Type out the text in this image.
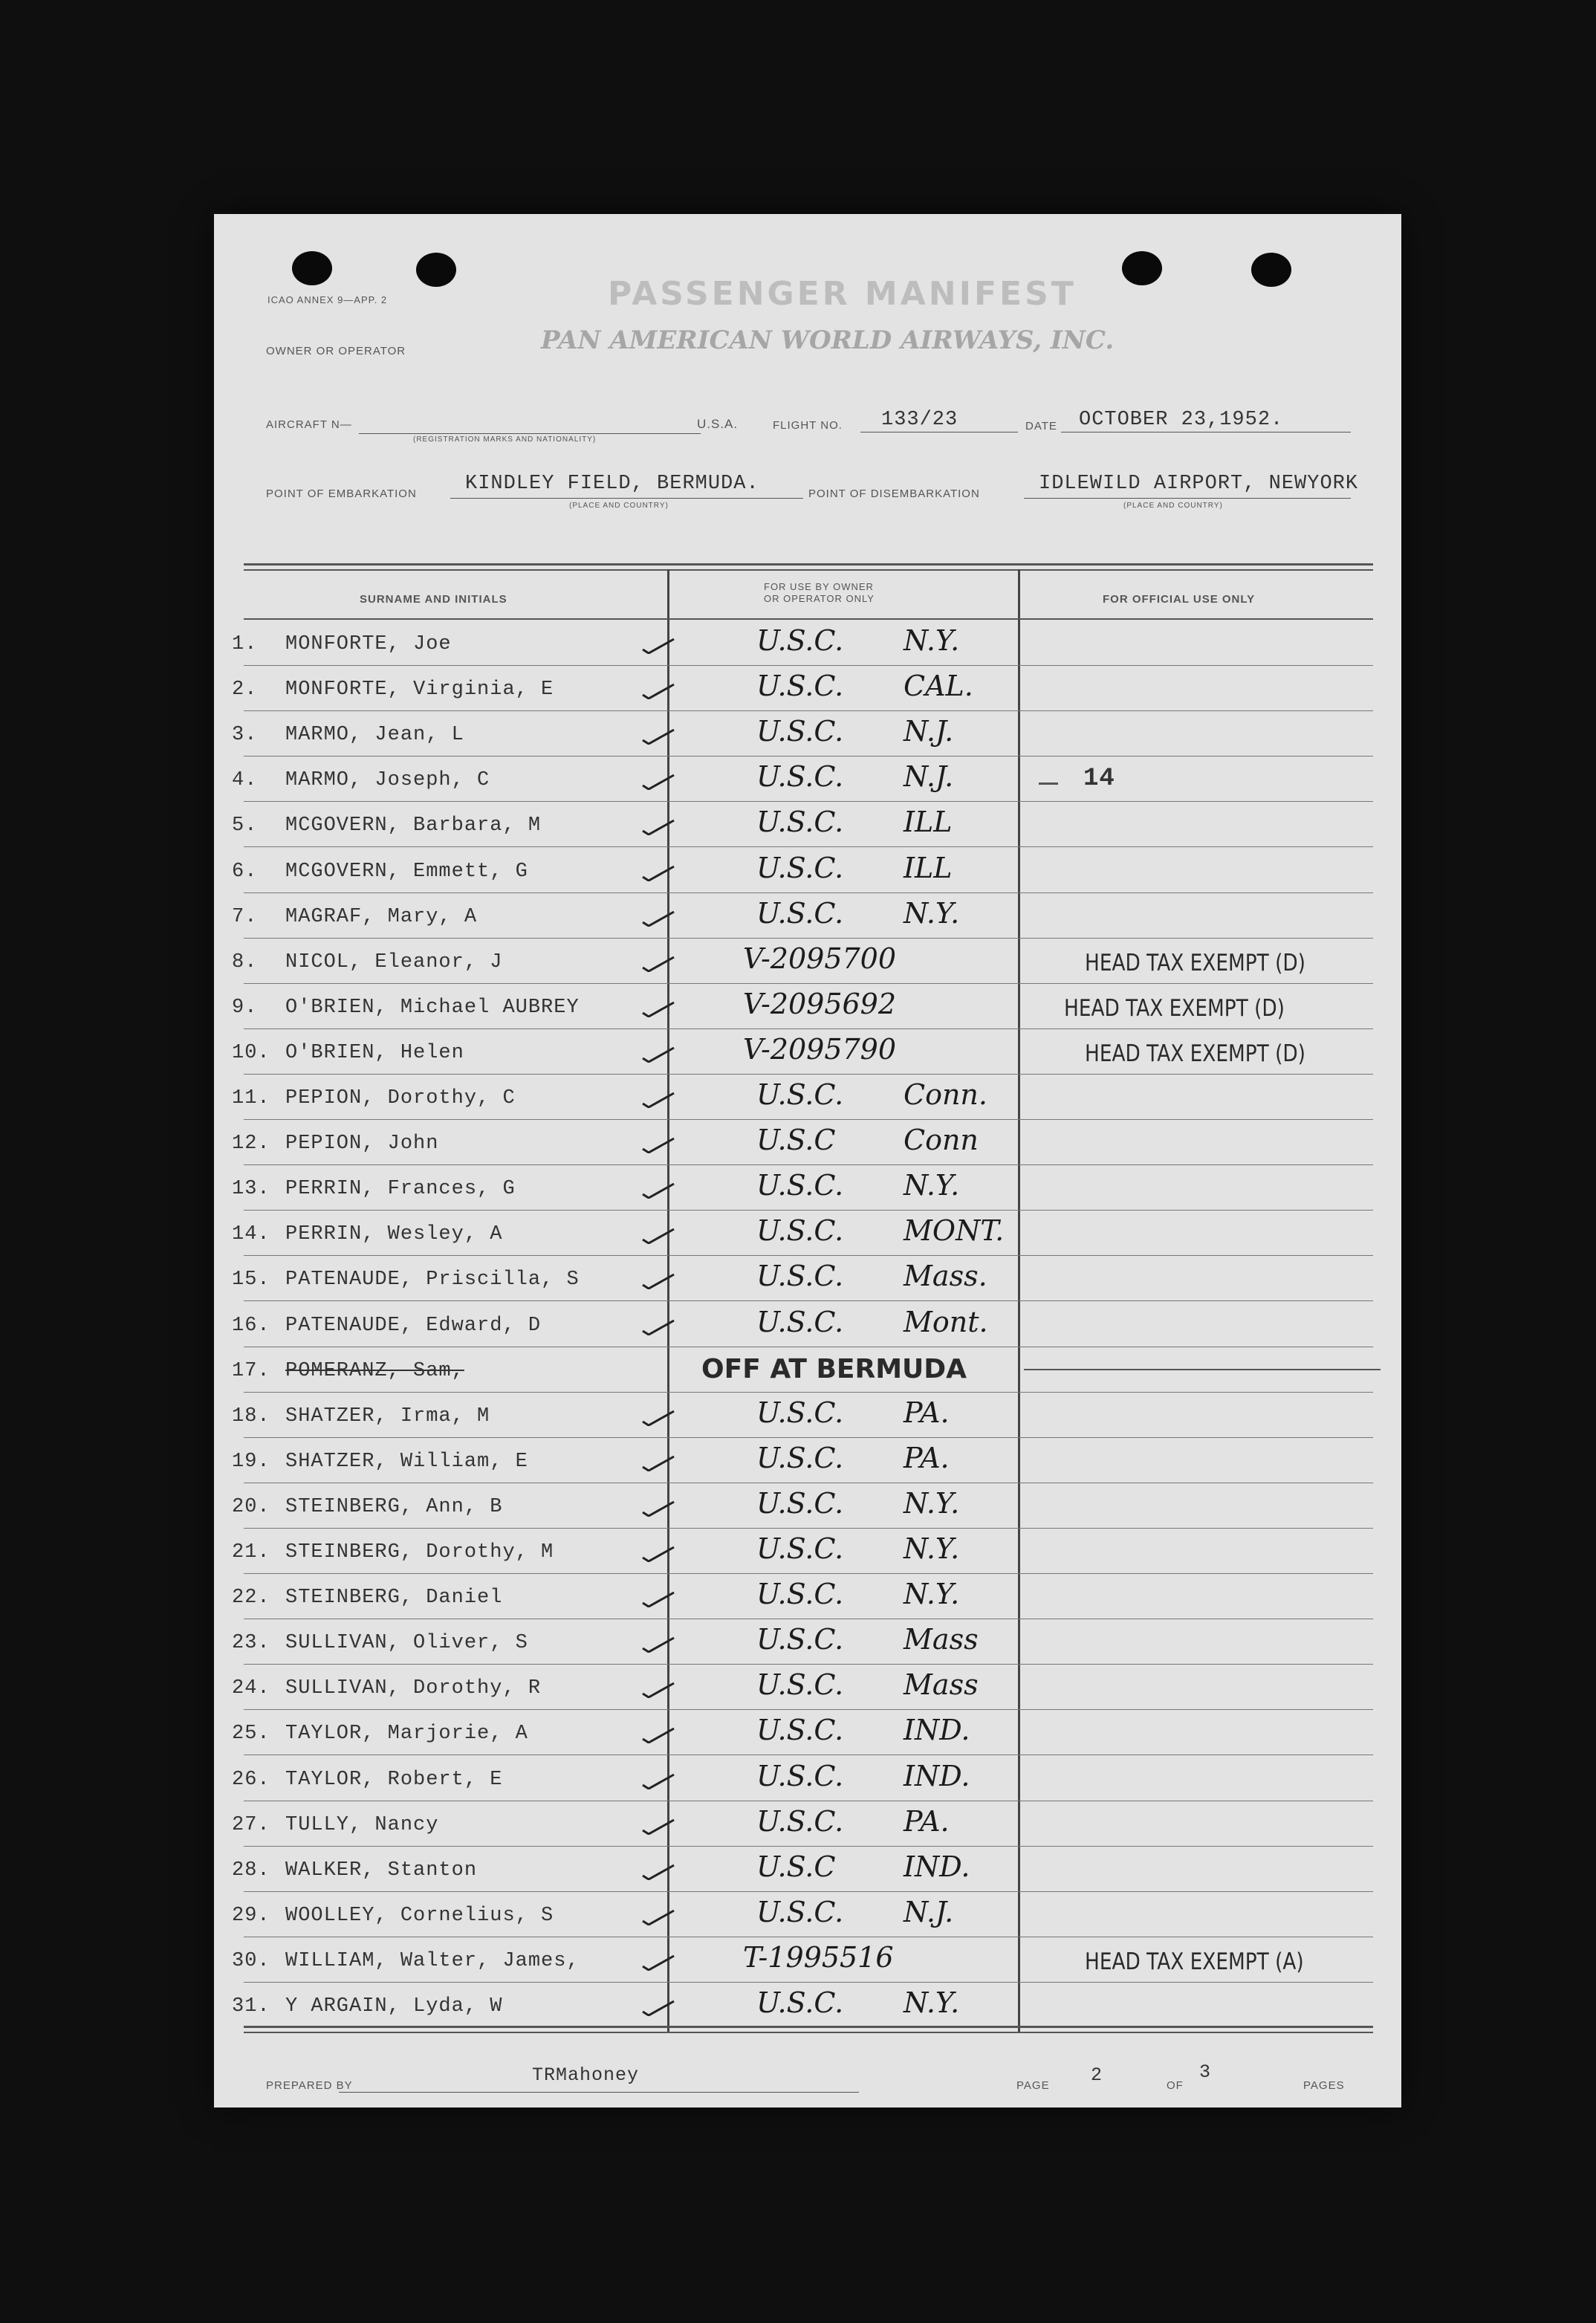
ICAO ANNEX 9—APP. 2	PASSENGER MANIFEST
OWNER OR OPERATOR	PAN AMERICAN WORLD AIRWAYS, INC.
AIRCRAFT N—
(REGISTRATION MARKS AND NATIONALITY)
U.S.A.	FLIGHT NO. 133/23	DATE OCTOBER 23,1952.
POINT OF EMBARKATION KINDLEY FIELD, BERMUDA.
(PLACE AND COUNTRY)
POINT OF DISEMBARKATION	IDLEWILD AIRPORT, NEWYORK
(PLACE AND COUNTRY)
SURNAME AND INITIALS
FOR USE BY OWNER
OR OPERATOR ONLY	FOR OFFICIAL USE ONLY
1. MONFORTE, Joe	U.S.C. N.Y.
2. MONFORTE, Virginia, E	U.S.C. CAL.
3. MARMO, Jean, L	U.S.C. N.J.
4. MARMO, Joseph, C	U.S.C. N.J.	14
5. MCGOVERN, Barbara, M	U.S.C. ILL
6. MCGOVERN, Emmett, G	U.S.C. ILL
7. MAGRAF, Mary, A	U.S.C. N.Y.
8. NICOL, Eleanor, J	V-2095700	HEAD TAX EXEMPT (D)
9. O'BRIEN, Michael AUBREY	V-2095692	HEAD TAX EXEMPT (D)
10. O'BRIEN, Helen	V-2095790	HEAD TAX EXEMPT (D)
11. PEPION, Dorothy, C	U.S.C. Conn.
12. PEPION, John	U.S.C Conn
13. PERRIN, Frances, G	U.S.C. N.Y.
14. PERRIN, Wesley, A	U.S.C. MONT.
15. PATENAUDE, Priscilla, S	U.S.C. Mass.
16. PATENAUDE, Edward, D	U.S.C. Mont.
17. POMERANZ, Sam,	OFF AT BERMUDA
18. SHATZER, Irma, M	U.S.C. PA.
19. SHATZER, William, E	U.S.C. PA.
20. STEINBERG, Ann, B	U.S.C. N.Y.
21. STEINBERG, Dorothy, M	U.S.C. N.Y.
22. STEINBERG, Daniel	U.S.C. N.Y.
23. SULLIVAN, Oliver, S	U.S.C. Mass
24. SULLIVAN, Dorothy, R	U.S.C. Mass
25. TAYLOR, Marjorie, A	U.S.C. IND.
26. TAYLOR, Robert, E	U.S.C. IND.
27. TULLY, Nancy	U.S.C. PA.
28. WALKER, Stanton	U.S.C IND.
29. WOOLLEY, Cornelius, S	U.S.C. N.J.
30. WILLIAM, Walter, James,	T-1995516	HEAD TAX EXEMPT (A)
31. Y ARGAIN, Lyda, W	U.S.C. N.Y.
PREPARED BY	TRMahoney	PAGE 2	OF
3
PAGES
